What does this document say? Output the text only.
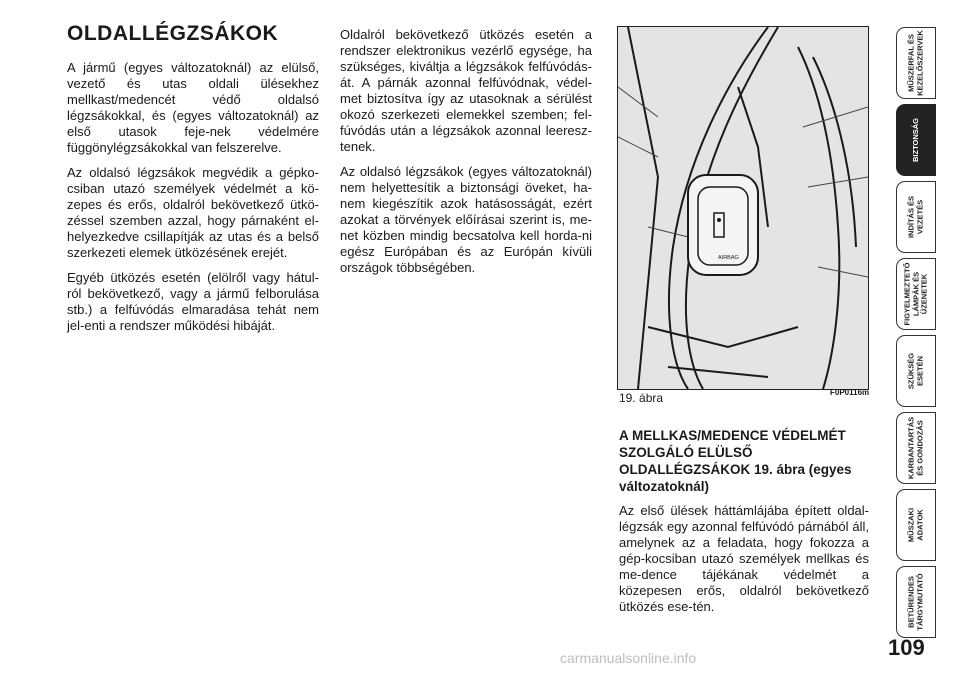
OLDALLÉGZSÁKOK

A jármű (egyes változatoknál) az elülső, vezető és utas oldali ülésekhez mellkast/medencét védő oldalsó légzsákokkal, és (egyes változatoknál) az első utasok feje-nek védelmére függönylégzsákokkal van felszerelve.

Az oldalsó légzsákok megvédik a gépko-csiban utazó személyek védelmét a kö-zepes és erős, oldalról bekövetkező ütkö-zéssel szemben azzal, hogy párnaként el-helyezkedve csillapítják az utas és a belső szerkezeti elemek ütközésének erejét.

Egyéb ütközés esetén (elölről vagy hátul-ról bekövetkező, vagy a jármű felborulása stb.) a felfúvódás elmaradása tehát nem jel-enti a rendszer működési hibáját.

Oldalról bekövetkező ütközés esetén a rendszer elektronikus vezérlő egysége, ha szükséges, kiváltja a légzsákok felfúvódás-át. A párnák azonnal felfúvódnak, védel-met biztosítva így az utasoknak a sérülést okozó szerkezeti elemekkel szemben; fel-fúvódás után a légzsákok azonnal leeresz-tenek.

Az oldalsó légzsákok (egyes változatoknál) nem helyettesítik a biztonsági öveket, ha-nem kiegészítik azok hatásosságát, ezért azokat a törvények előírásai szerint is, me-net közben mindig becsatolva kell horda-ni egész Európában és az Európán kívüli országok többségében.

AIRBAG
19. ábra	F0P0116m
A MELLKAS/MEDENCE VÉDELMÉT SZOLGÁLÓ ELÜLSŐ OLDALLÉGZSÁKOK 19. ábra (egyes változatoknál)

Az első ülések háttámlájába épített oldal-légzsák egy azonnal felfúvódó párnából áll, amelynek az a feladata, hogy fokozza a gép-kocsiban utazó személyek mellkas és me-dence tájékának védelmét a közepesen erős, oldalról bekövetkező ütközés ese-tén.

MŰSZERFAL ÉS
KEZELŐSZERVEK
BIZTONSÁG
INDÍTÁS ÉS
VEZETÉS
FIGYELMEZTETŐ
LÁMPÁK ÉS
ÜZENETEK
SZÜKSÉG
ESETÉN
KARBANTARTÁS
ÉS GONDOZÁS
MŰSZAKI
ADATOK
BETŰRENDES
TÁRGYMUTATÓ
109
carmanualsonline.info
